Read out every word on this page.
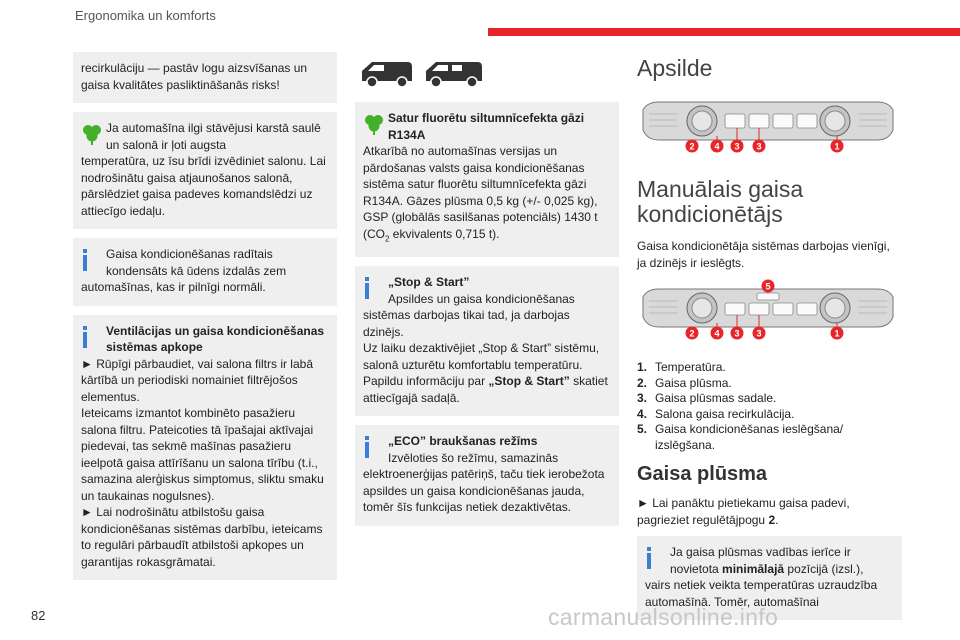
Ergonomika un komforts

recirkulāciju — pastāv logu aizsvīšanas un gaisa kvalitātes pasliktināšanās risks!

Ja automašīna ilgi stāvējusi karstā saulē un salonā ir ļoti augsta

temperatūra, uz īsu brīdi izvēdiniet salonu. Lai nodrošinātu gaisa atjaunošanos salonā, pārslēdziet gaisa padeves komandslēdzi uz attiecīgo iedaļu.

Gaisa kondicionēšanas radītais kondensāts kā ūdens izdalās zem

automašīnas, kas ir pilnīgi normāli.

Ventilācijas un gaisa kondicionēšanas sistēmas apkope

► Rūpīgi pārbaudiet, vai salona filtrs ir labā kārtībā un periodiski nomainiet filtrējošos elementus.

Ieteicams izmantot kombinēto pasažieru salona filtru. Pateicoties tā īpašajai aktīvajai piedevai, tas sekmē mašīnas pasažieru ieelpotā gaisa attīrīšanu un salona tīrību (t.i., samazina alerģiskus simptomus, sliktu smaku un taukainas nogulsnes).

► Lai nodrošinātu atbilstošu gaisa kondicionēšanas sistēmas darbību, ieteicams to regulāri pārbaudīt atbilstoši apkopes un garantijas rokasgrāmatai.

Satur fluorētu siltumnīcefekta gāzi R134A

Atkarībā no automašīnas versijas un pārdošanas valsts gaisa kondicionēšanas sistēma satur fluorētu siltumnīcefekta gāzi R134A. Gāzes plūsma 0,5 kg (+/- 0,025 kg), GSP (globālās sasilšanas potenciāls) 1430 t

($CO_2$ ekvivalents 0,715 t).

„Stop & Start”

Apsildes un gaisa kondicionēšanas

sistēmas darbojas tikai tad, ja darbojas dzinējs.

Uz laiku dezaktivējiet „Stop & Start” sistēmu, salonā uzturētu komfortablu temperatūru. Papildu informāciju par „Stop & Start” skatiet attiecīgajā sadaļā.

„ECO” braukšanas režīms

Izvēloties šo režīmu, samazinās

elektroenerģijas patēriņš, taču tiek ierobežota apsildes un gaisa kondicionēšanas jauda, tomēr šīs funkcijas netiek dezaktivētas.

Apsilde
2 4 3 3	1
Manuālais gaisa kondicionētājs

Gaisa kondicionētāja sistēmas darbojas vienīgi, ja dzinējs ir ieslēgts.

5
2 4 3 3	1
1. Temperatūra.
2. Gaisa plūsma.
3. Gaisa plūsmas sadale.
4. Salona gaisa recirkulācija.
5. Gaisa kondicionēšanas ieslēgšana/ izslēgšana.
Gaisa plūsma

► Lai panāktu pietiekamu gaisa padevi, pagrieziet regulētājpogu 2.

Ja gaisa plūsmas vadības ierīce ir novietota minimālajā pozīcijā (izsl.),

vairs netiek veikta temperatūras uzraudzība automašīnā. Tomēr, automašīnai

82	carmanualsonline.info
